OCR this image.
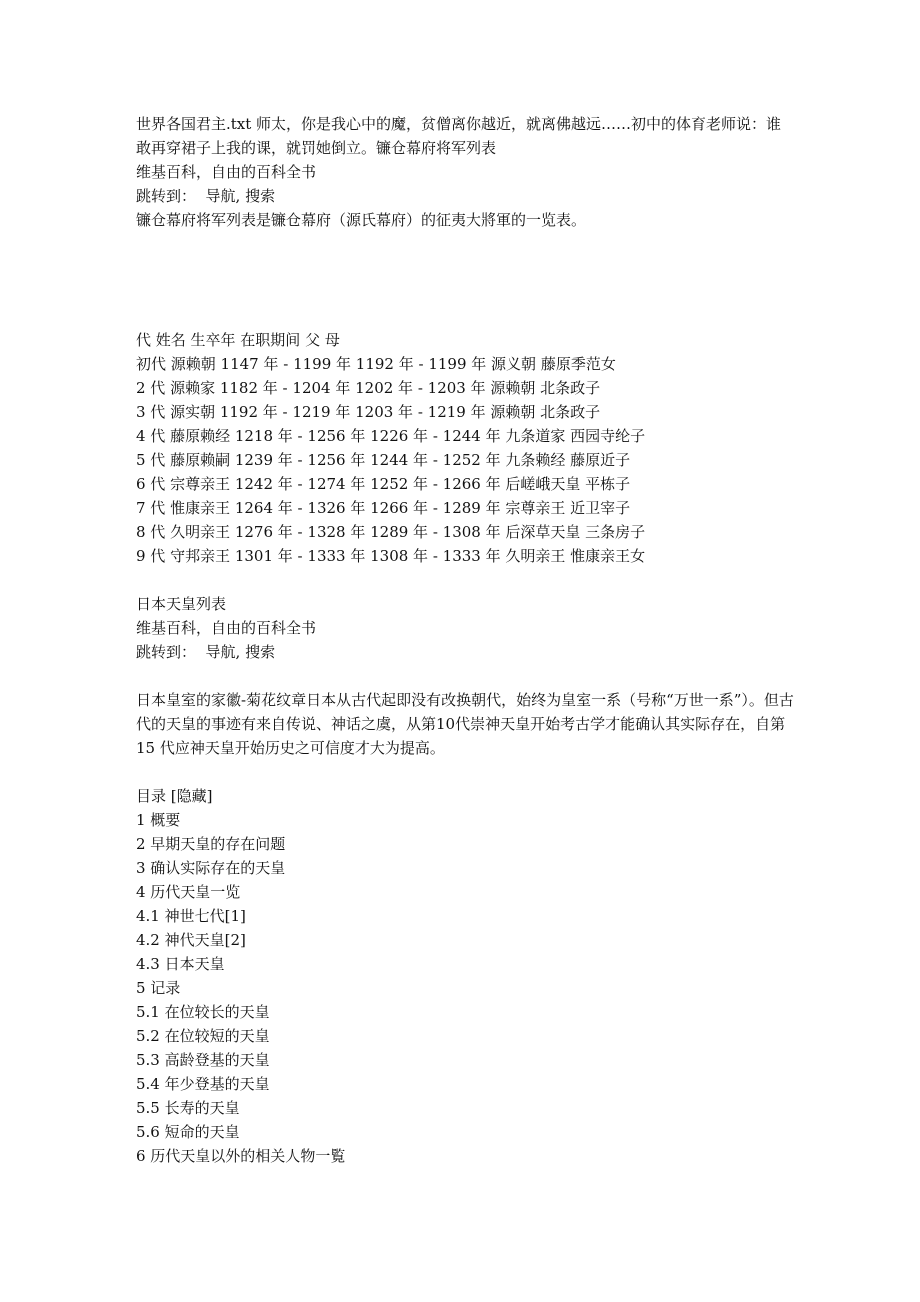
世界各国君主.txt 师太，你是我心中的魔，贫僧离你越近，就离佛越远……初中的体育老师说：谁敢再穿裙子上我的课，就罚她倒立。镰仓幕府将军列表

维基百科，自由的百科全书

跳转到：  导航, 搜索

镰仓幕府将军列表是镰仓幕府（源氏幕府）的征夷大將軍的一览表。

代 姓名 生卒年 在职期间 父 母

初代 源赖朝 1147 年 - 1199 年 1192 年 - 1199 年 源义朝 藤原季范女

2 代 源赖家 1182 年 - 1204 年 1202 年 - 1203 年 源赖朝 北条政子

3 代 源实朝 1192 年 - 1219 年 1203 年 - 1219 年 源赖朝 北条政子

4 代 藤原赖经 1218 年 - 1256 年 1226 年 - 1244 年 九条道家 西园寺纶子

5 代 藤原赖嗣 1239 年 - 1256 年 1244 年 - 1252 年 九条赖经 藤原近子

6 代 宗尊亲王 1242 年 - 1274 年 1252 年 - 1266 年 后嵯峨天皇 平栋子

7 代 惟康亲王 1264 年 - 1326 年 1266 年 - 1289 年 宗尊亲王 近卫宰子

8 代 久明亲王 1276 年 - 1328 年 1289 年 - 1308 年 后深草天皇 三条房子

9 代 守邦亲王 1301 年 - 1333 年 1308 年 - 1333 年 久明亲王 惟康亲王女

日本天皇列表

维基百科，自由的百科全书

跳转到：  导航, 搜索

日本皇室的家徽-菊花纹章日本从古代起即没有改换朝代，始终为皇室一系（号称“万世一系”）。但古代的天皇的事迹有来自传说、神话之虞，从第10代崇神天皇开始考古学才能确认其实际存在，自第 15 代应神天皇开始历史之可信度才大为提高。

目录 [隐藏]

1 概要

2 早期天皇的存在问题

3 确认实际存在的天皇

4 历代天皇一览

4.1 神世七代[1]

4.2 神代天皇[2]

4.3 日本天皇

5 记录

5.1 在位较长的天皇

5.2 在位较短的天皇

5.3 高龄登基的天皇

5.4 年少登基的天皇

5.5 长寿的天皇

5.6 短命的天皇

6 历代天皇以外的相关人物一覧
